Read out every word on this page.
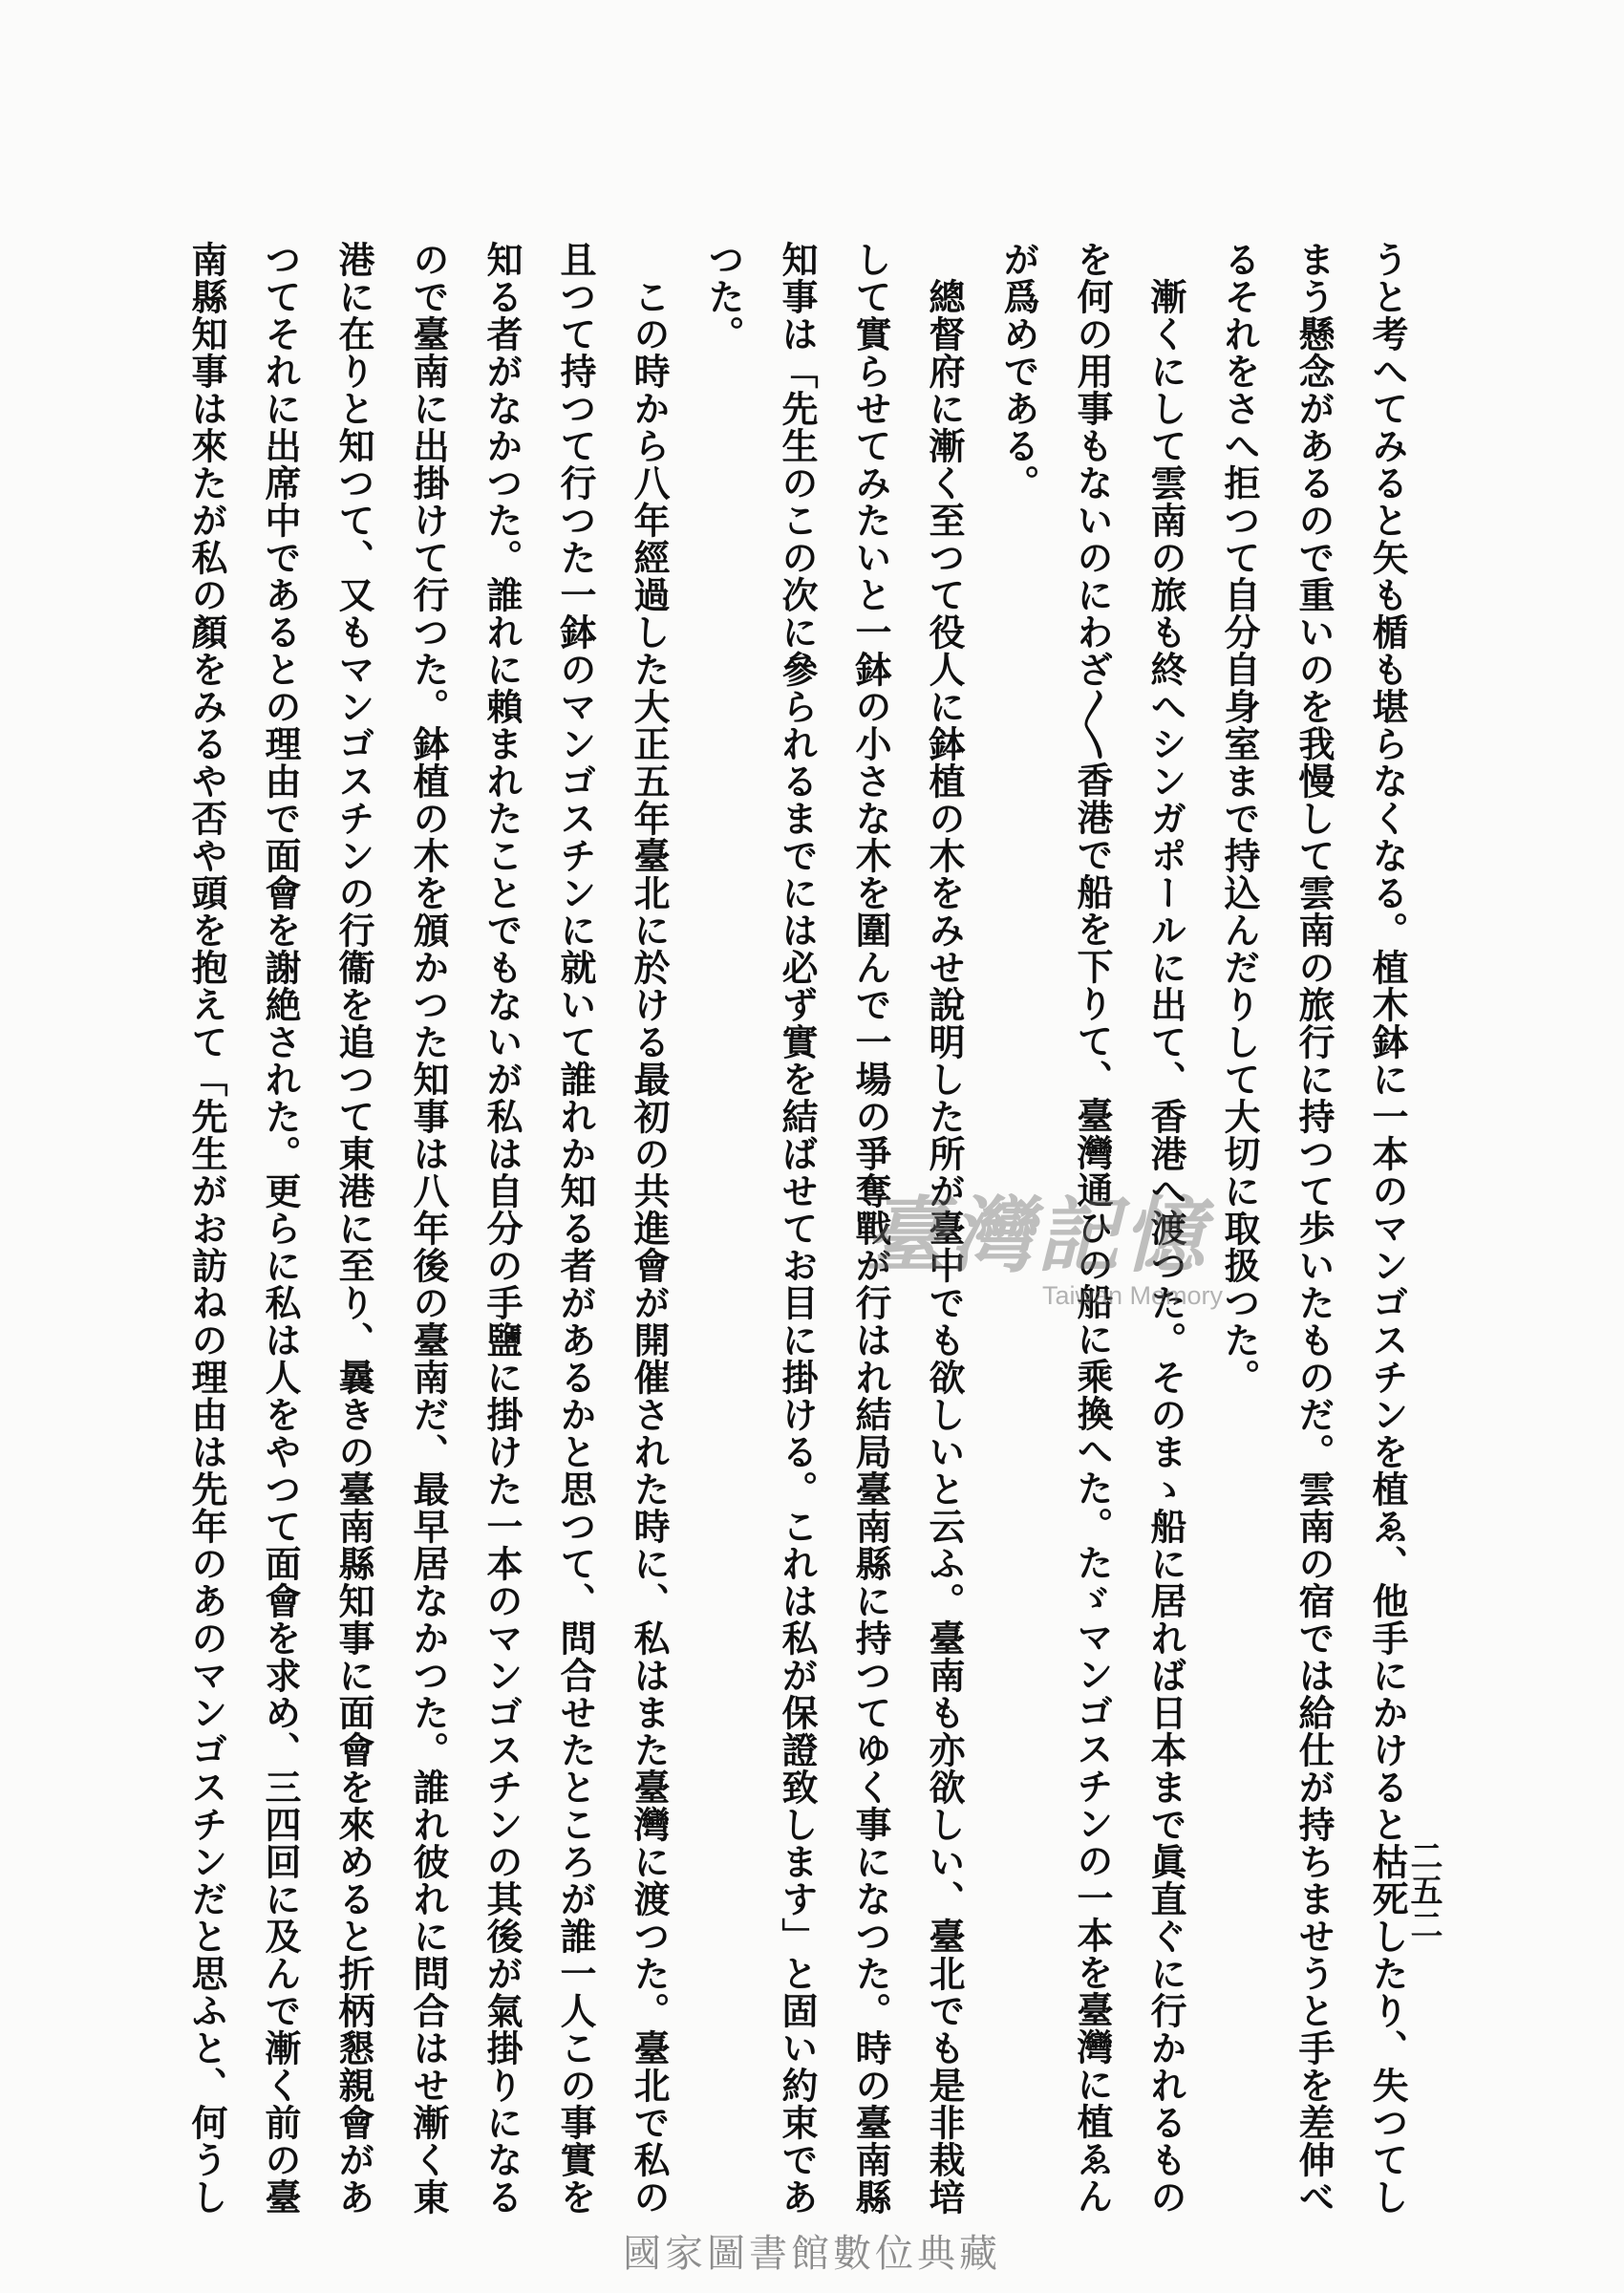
二五二
うと考へてみると矢も楯も堪らなくなる。植木鉢に一本のマンゴスチンを植ゑ、他手にかけると枯死したり、失つてし
まう懸念があるので重いのを我慢して雲南の旅行に持つて歩いたものだ。雲南の宿では給仕が持ちませうと手を差伸べ
るそれをさへ拒つて自分自身室まで持込んだりして大切に取扱つた。
漸くにして雲南の旅も終へシンガポールに出て、香港へ渡つた。そのまゝ船に居れば日本まで眞直ぐに行かれるもの
を何の用事もないのにわざ〳〵香港で船を下りて、臺灣通ひの船に乘換へた。たゞマンゴスチンの一本を臺灣に植ゑん
が爲めである。
總督府に漸く至つて役人に鉢植の木をみせ說明した所が臺中でも欲しいと云ふ。臺南も亦欲しい、臺北でも是非栽培
して實らせてみたいと一鉢の小さな木を圍んで一場の爭奪戰が行はれ結局臺南縣に持つてゆく事になつた。時の臺南縣
知事は「先生のこの次に參られるまでには必ず實を結ばせてお目に掛ける。これは私が保證致します」と固い約束であ
つた。
この時から八年經過した大正五年臺北に於ける最初の共進會が開催された時に、私はまた臺灣に渡つた。臺北で私の
且つて持つて行つた一鉢のマンゴスチンに就いて誰れか知る者があるかと思つて、問合せたところが誰一人この事實を
知る者がなかつた。誰れに賴まれたことでもないが私は自分の手鹽に掛けた一本のマンゴスチンの其後が氣掛りになる
ので臺南に出掛けて行つた。鉢植の木を頒かつた知事は八年後の臺南だ、最早居なかつた。誰れ彼れに問合はせ漸く東
港に在りと知つて、又もマンゴスチンの行衞を追つて東港に至り、曩きの臺南縣知事に面會を來めると折柄懇親會があ
つてそれに出席中であるとの理由で面會を謝絶された。更らに私は人をやつて面會を求め、三四回に及んで漸く前の臺
南縣知事は來たが私の顏をみるや否や頭を抱えて「先生がお訪ねの理由は先年のあのマンゴスチンだと思ふと、何うし	臺灣記憶
Taiwan Memory
國家圖書館數位典藏
